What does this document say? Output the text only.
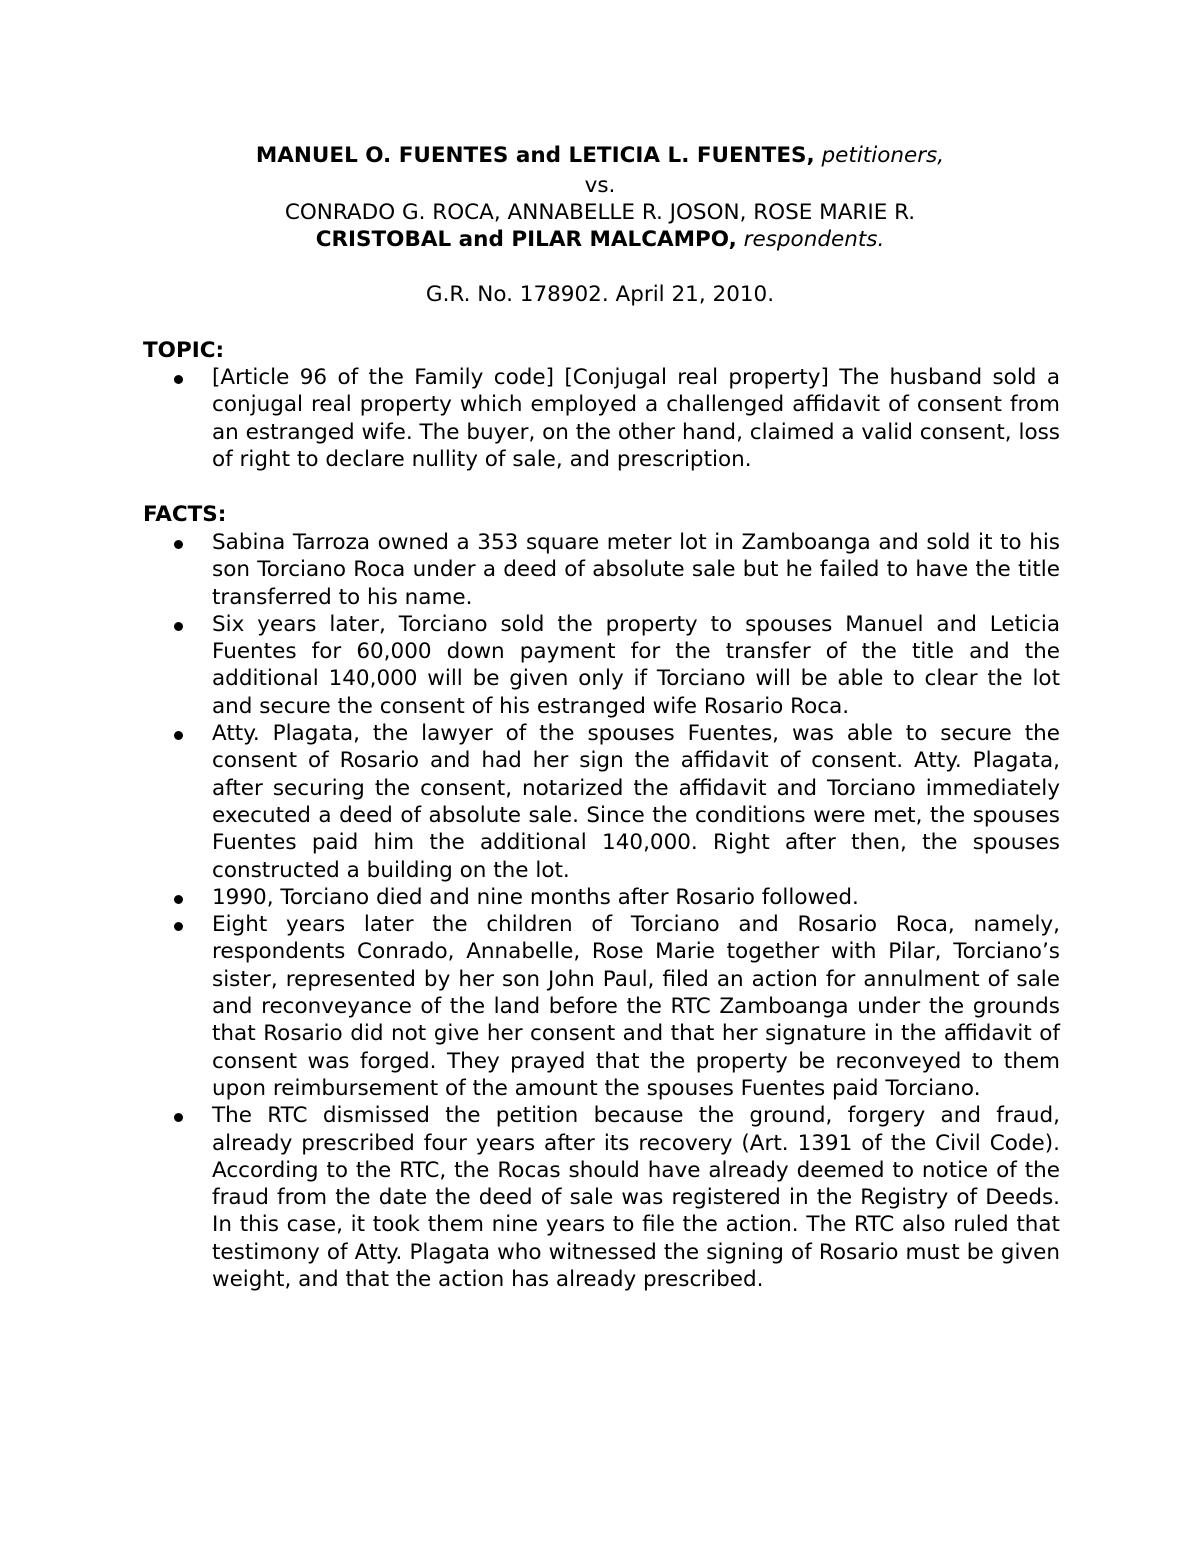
MANUEL O. FUENTES and LETICIA L. FUENTES, petitioners,
vs.
CONRADO G. ROCA, ANNABELLE R. JOSON, ROSE MARIE R.
CRISTOBAL and PILAR MALCAMPO, respondents.
G.R. No. 178902. April 21, 2010.
TOPIC:
[Article 96 of the Family code] [Conjugal real property] The husband sold a conjugal real property which employed a challenged affidavit of consent from an estranged wife. The buyer, on the other hand, claimed a valid consent, loss of right to declare nullity of sale, and prescription.
FACTS:
Sabina Tarroza owned a 353 square meter lot in Zamboanga and sold it to his son Torciano Roca under a deed of absolute sale but he failed to have the title transferred to his name.
Six years later, Torciano sold the property to spouses Manuel and Leticia Fuentes for 60,000 down payment for the transfer of the title and the additional 140,000 will be given only if Torciano will be able to clear the lot and secure the consent of his estranged wife Rosario Roca.
Atty. Plagata, the lawyer of the spouses Fuentes, was able to secure the consent of Rosario and had her sign the affidavit of consent. Atty. Plagata, after securing the consent, notarized the affidavit and Torciano immediately executed a deed of absolute sale. Since the conditions were met, the spouses Fuentes paid him the additional 140,000. Right after then, the spouses constructed a building on the lot.
1990, Torciano died and nine months after Rosario followed.
Eight years later the children of Torciano and Rosario Roca, namely, respondents Conrado, Annabelle, Rose Marie together with Pilar, Torciano’s sister, represented by her son John Paul, filed an action for annulment of sale and reconveyance of the land before the RTC Zamboanga under the grounds that Rosario did not give her consent and that her signature in the affidavit of consent was forged. They prayed that the property be reconveyed to them upon reimbursement of the amount the spouses Fuentes paid Torciano.
The RTC dismissed the petition because the ground, forgery and fraud, already prescribed four years after its recovery (Art. 1391 of the Civil Code). According to the RTC, the Rocas should have already deemed to notice of the fraud from the date the deed of sale was registered in the Registry of Deeds. In this case, it took them nine years to file the action. The RTC also ruled that testimony of Atty. Plagata who witnessed the signing of Rosario must be given weight, and that the action has already prescribed.
